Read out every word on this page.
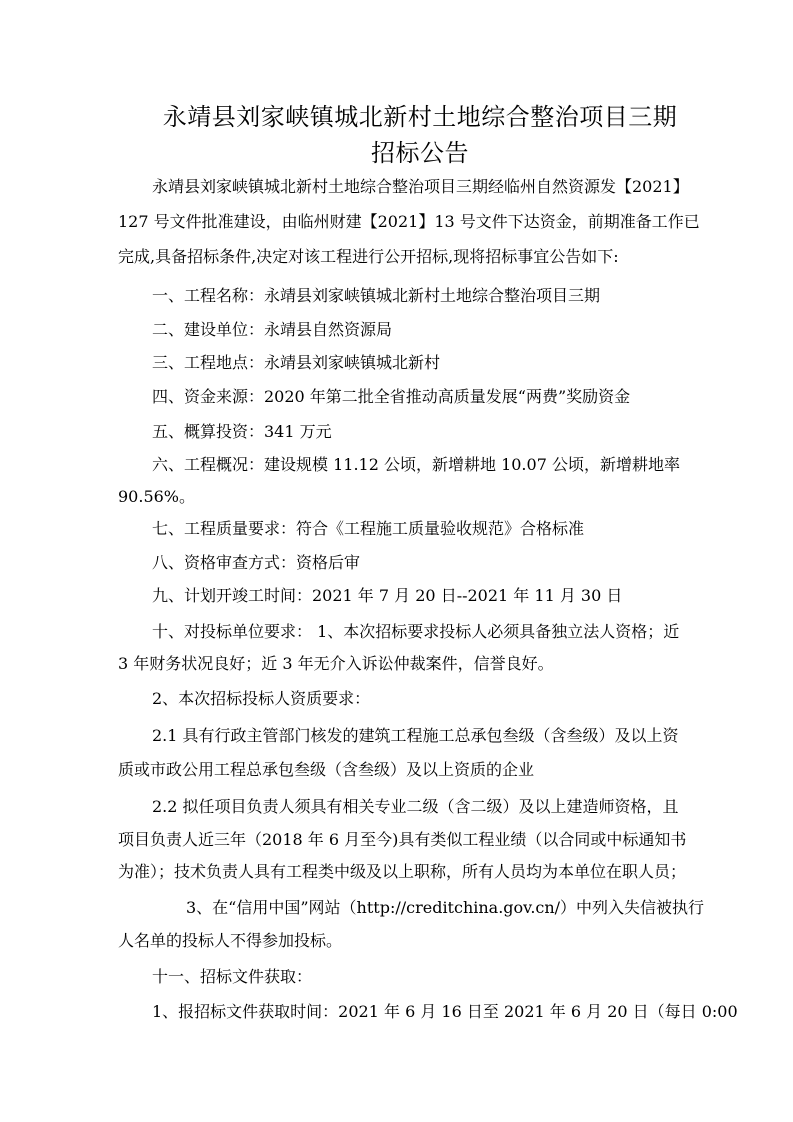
永靖县刘家峡镇城北新村土地综合整治项目三期
招标公告
永靖县刘家峡镇城北新村土地综合整治项目三期经临州自然资源发【2021】
127 号文件批准建设，由临州财建【2021】13 号文件下达资金，前期准备工作已
完成,具备招标条件,决定对该工程进行公开招标,现将招标事宜公告如下:
一、工程名称：永靖县刘家峡镇城北新村土地综合整治项目三期
二、建设单位：永靖县自然资源局
三、工程地点：永靖县刘家峡镇城北新村
四、资金来源：2020 年第二批全省推动高质量发展“两费”奖励资金
五、概算投资：341 万元
六、工程概况：建设规模 11.12 公顷，新增耕地 10.07 公顷，新增耕地率
90.56%。
七、工程质量要求：符合《工程施工质量验收规范》合格标准
八、资格审查方式：资格后审
九、计划开竣工时间：2021 年 7 月 20 日--2021 年 11 月 30 日
十、对投标单位要求： 1、本次招标要求投标人必须具备独立法人资格；近
3 年财务状况良好；近 3 年无介入诉讼仲裁案件，信誉良好。
2、本次招标投标人资质要求：
2.1 具有行政主管部门核发的建筑工程施工总承包叁级（含叁级）及以上资
质或市政公用工程总承包叁级（含叁级）及以上资质的企业
2.2 拟任项目负责人须具有相关专业二级（含二级）及以上建造师资格，且
项目负责人近三年（2018 年 6 月至今)具有类似工程业绩（以合同或中标通知书
为准）；技术负责人具有工程类中级及以上职称，所有人员均为本单位在职人员；
3、在“信用中国”网站（http://creditchina.gov.cn/）中列入失信被执行
人名单的投标人不得参加投标。
十一、招标文件获取：
1、报招标文件获取时间：2021 年 6 月 16 日至 2021 年 6 月 20 日（每日 0:00
